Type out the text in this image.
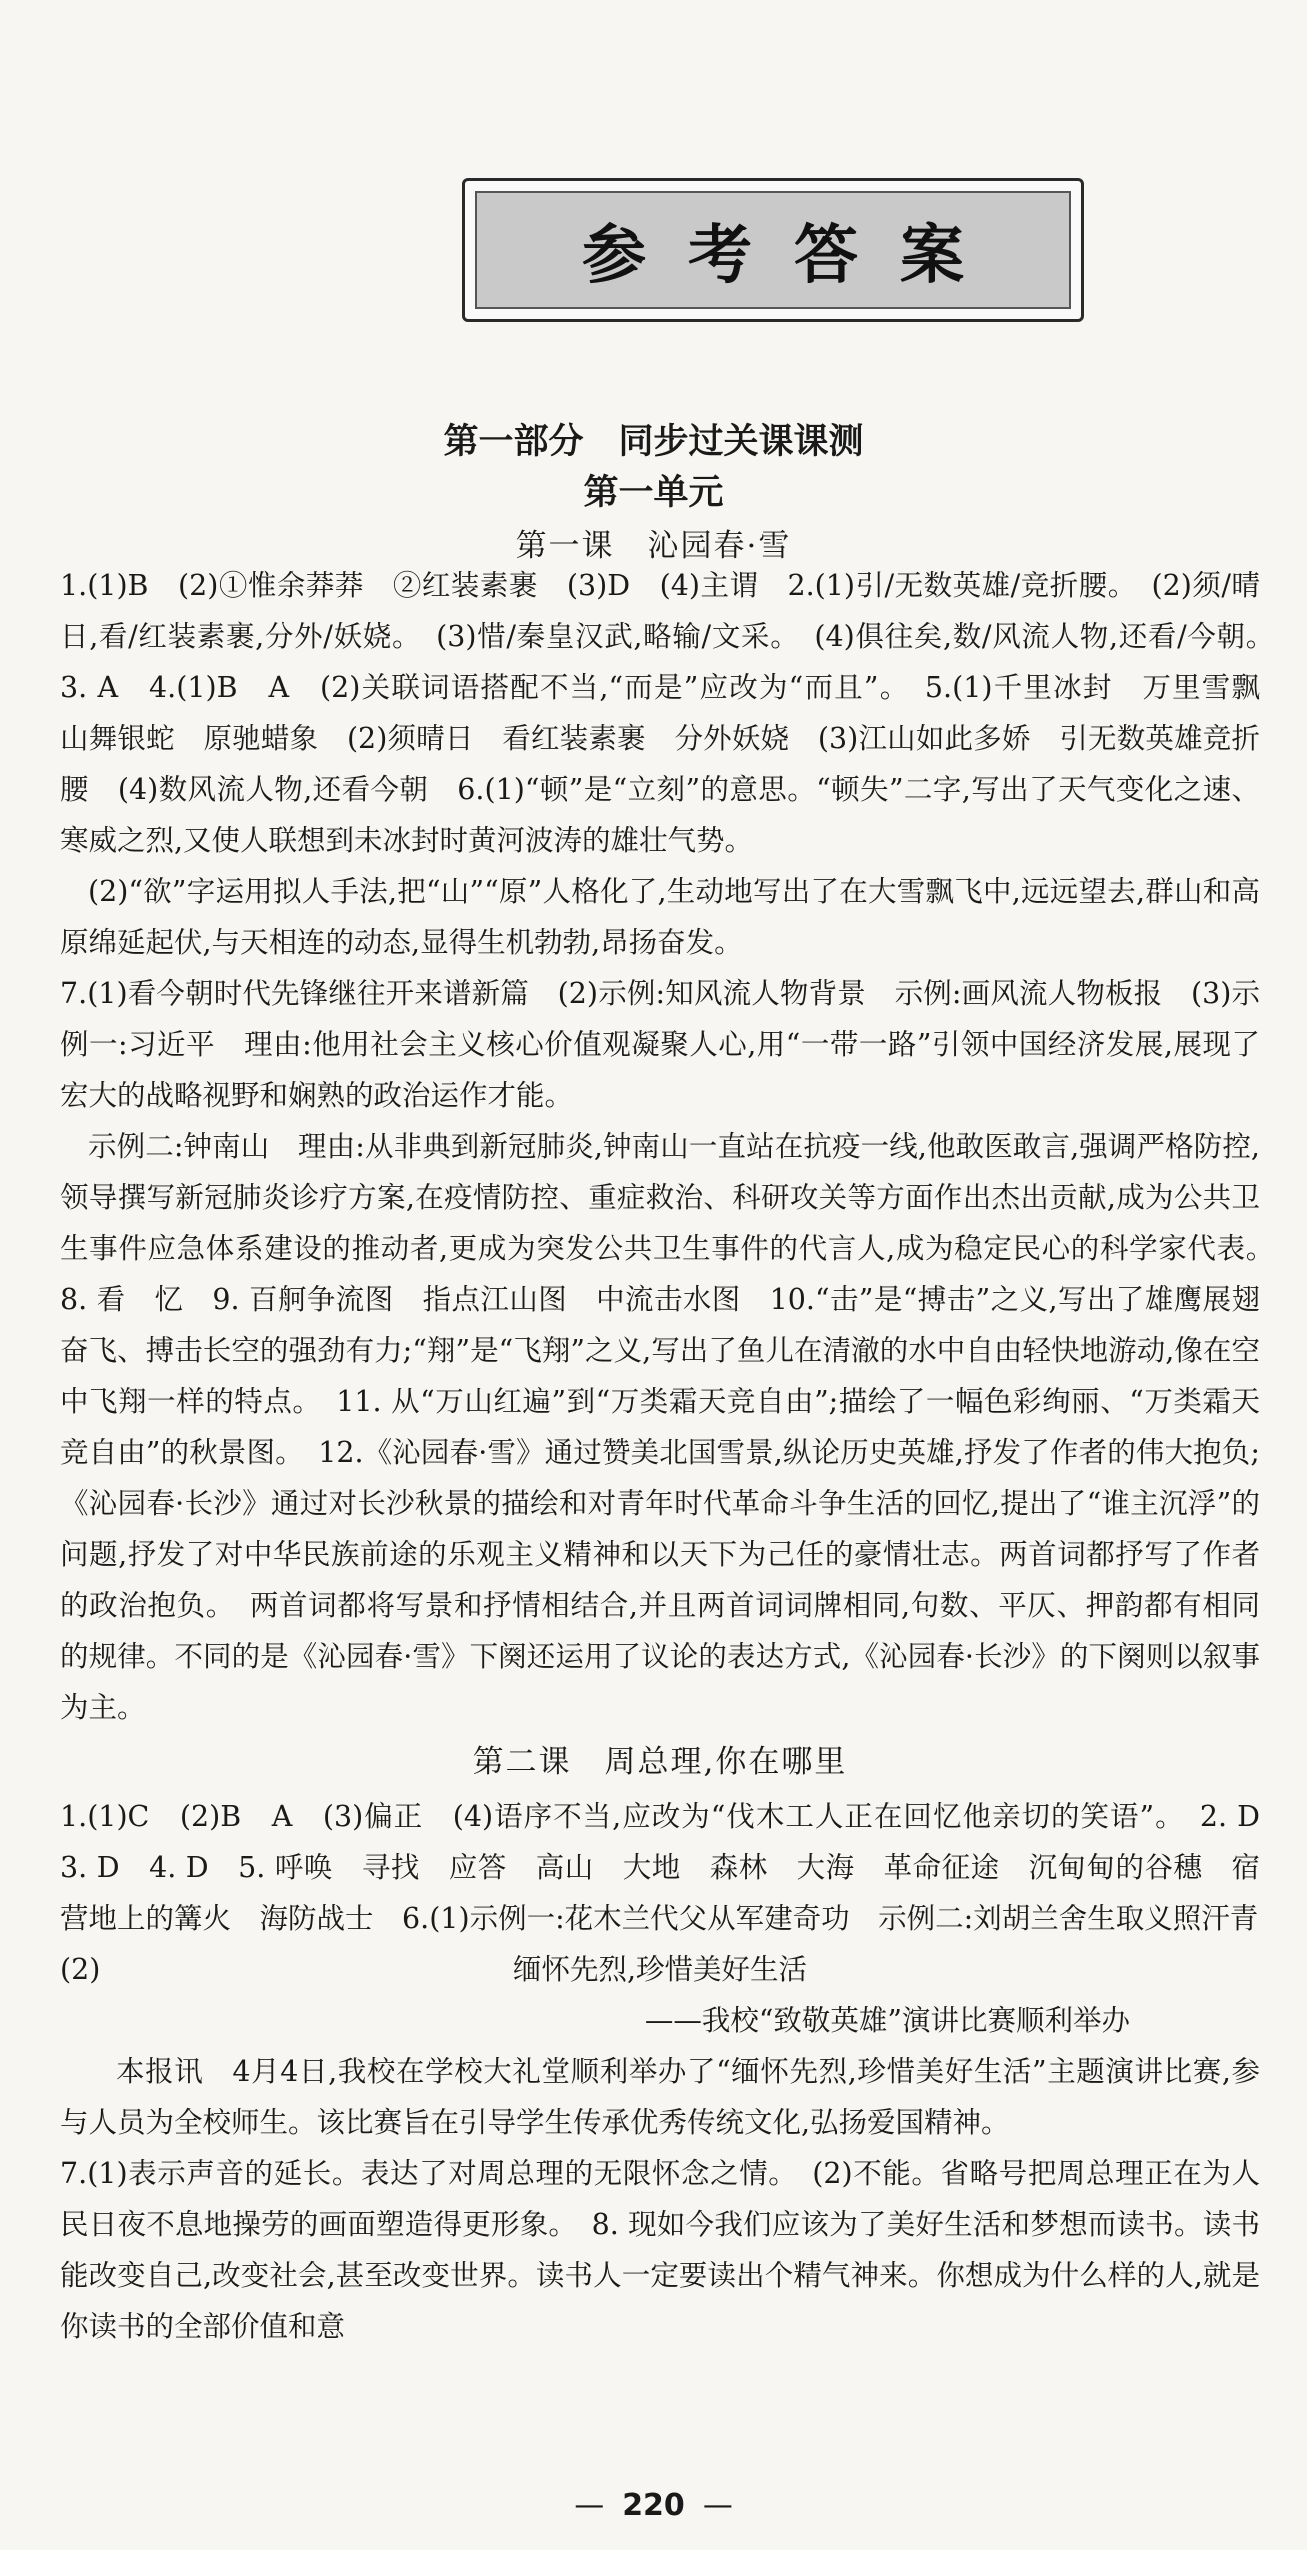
参考答案
第一部分　同步过关课课测
第一单元
第一课　沁园春·雪

1.(1)B　(2)①惟余莽莽　②红装素裹　(3)D　(4)主谓　2.(1)引/无数英雄/竞折腰。　(2)须/晴日,看/红装素裹,分外/妖娆。　(3)惜/秦皇汉武,略输/文采。　(4)俱往矣,数/风流人物,还看/今朝。　3. A　4.(1)B　A　(2)关联词语搭配不当,“而是”应改为“而且”。　5.(1)千里冰封　万里雪飘　山舞银蛇　原驰蜡象　(2)须晴日　看红装素裹　分外妖娆　(3)江山如此多娇　引无数英雄竞折腰　(4)数风流人物,还看今朝　6.(1)“顿”是“立刻”的意思。“顿失”二字,写出了天气变化之速、寒威之烈,又使人联想到未冰封时黄河波涛的雄壮气势。

(2)“欲”字运用拟人手法,把“山”“原”人格化了,生动地写出了在大雪飘飞中,远远望去,群山和高原绵延起伏,与天相连的动态,显得生机勃勃,昂扬奋发。

7.(1)看今朝时代先锋继往开来谱新篇　(2)示例:知风流人物背景　示例:画风流人物板报　(3)示例一:习近平　理由:他用社会主义核心价值观凝聚人心,用“一带一路”引领中国经济发展,展现了宏大的战略视野和娴熟的政治运作才能。

示例二:钟南山　理由:从非典到新冠肺炎,钟南山一直站在抗疫一线,他敢医敢言,强调严格防控,领导撰写新冠肺炎诊疗方案,在疫情防控、重症救治、科研攻关等方面作出杰出贡献,成为公共卫生事件应急体系建设的推动者,更成为突发公共卫生事件的代言人,成为稳定民心的科学家代表。　8. 看　忆　9. 百舸争流图　指点江山图　中流击水图　10.“击”是“搏击”之义,写出了雄鹰展翅奋飞、搏击长空的强劲有力;“翔”是“飞翔”之义,写出了鱼儿在清澈的水中自由轻快地游动,像在空中飞翔一样的特点。　11. 从“万山红遍”到“万类霜天竞自由”;描绘了一幅色彩绚丽、“万类霜天竞自由”的秋景图。　12.《沁园春·雪》通过赞美北国雪景,纵论历史英雄,抒发了作者的伟大抱负;《沁园春·长沙》通过对长沙秋景的描绘和对青年时代革命斗争生活的回忆,提出了“谁主沉浮”的问题,抒发了对中华民族前途的乐观主义精神和以天下为己任的豪情壮志。两首词都抒写了作者的政治抱负。　两首词都将写景和抒情相结合,并且两首词词牌相同,句数、平仄、押韵都有相同的规律。不同的是《沁园春·雪》下阕还运用了议论的表达方式,《沁园春·长沙》的下阕则以叙事为主。

第二课　周总理,你在哪里

1.(1)C　(2)B　A　(3)偏正　(4)语序不当,应改为“伐木工人正在回忆他亲切的笑语”。　2. D　3. D　4. D　5. 呼唤　寻找　应答　高山　大地　森林　大海　革命征途　沉甸甸的谷穗　宿营地上的篝火　海防战士　6.(1)示例一:花木兰代父从军建奇功　示例二:刘胡兰舍生取义照汗青

(2)	缅怀先烈,珍惜美好生活

——我校“致敬英雄”演讲比赛顺利举办

本报讯　4月4日,我校在学校大礼堂顺利举办了“缅怀先烈,珍惜美好生活”主题演讲比赛,参与人员为全校师生。该比赛旨在引导学生传承优秀传统文化,弘扬爱国精神。

7.(1)表示声音的延长。表达了对周总理的无限怀念之情。　(2)不能。省略号把周总理正在为人民日夜不息地操劳的画面塑造得更形象。　8. 现如今我们应该为了美好生活和梦想而读书。读书能改变自己,改变社会,甚至改变世界。读书人一定要读出个精气神来。你想成为什么样的人,就是你读书的全部价值和意

— 220 —
